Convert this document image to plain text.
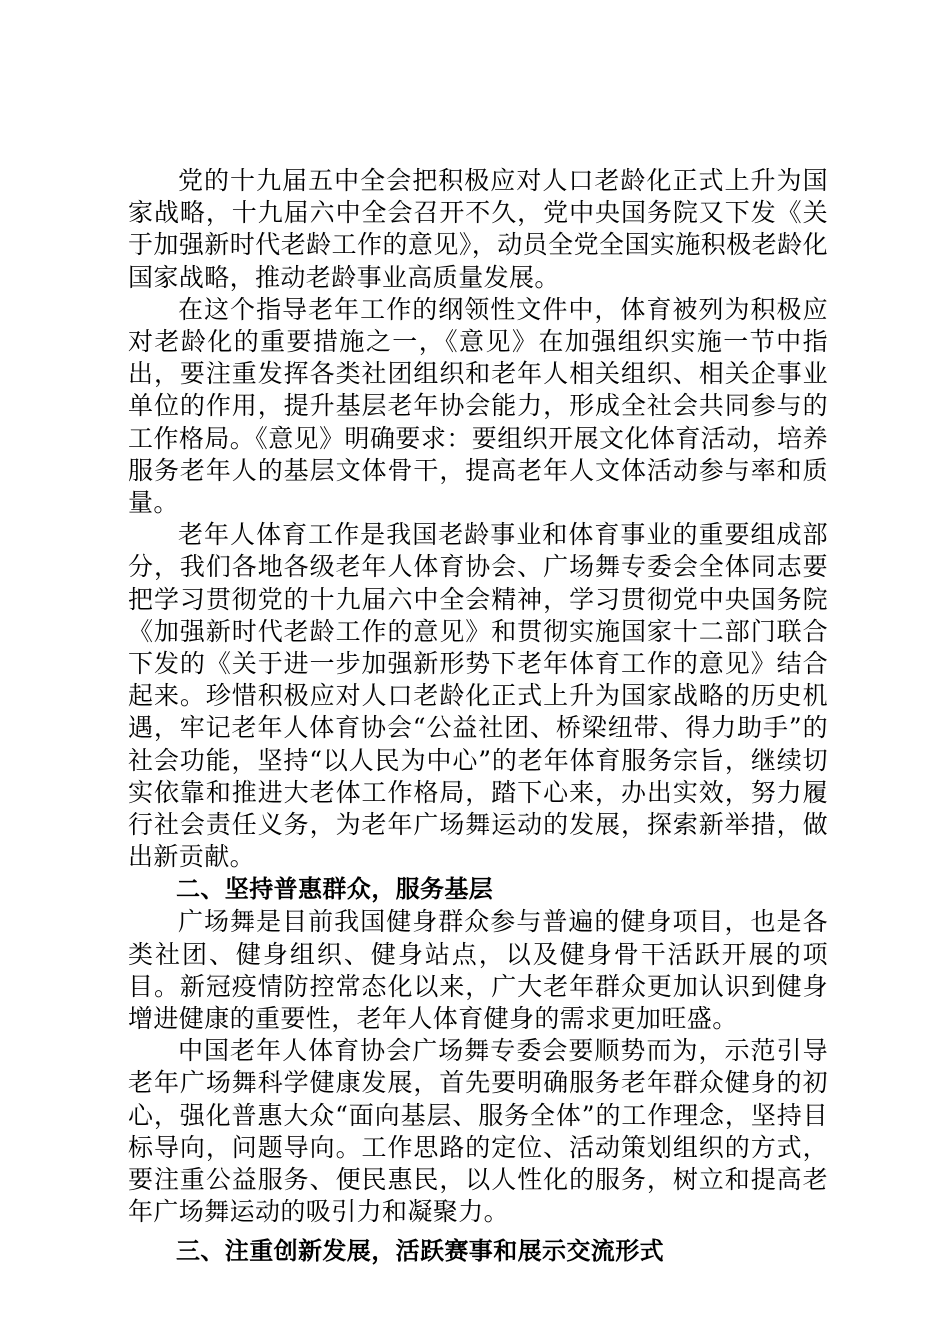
党的十九届五中全会把积极应对人口老龄化正式上升为国家战略，十九届六中全会召开不久，党中央国务院又下发《关于加强新时代老龄工作的意见》，动员全党全国实施积极老龄化国家战略，推动老龄事业高质量发展。

在这个指导老年工作的纲领性文件中，体育被列为积极应对老龄化的重要措施之一，《意见》在加强组织实施一节中指出，要注重发挥各类社团组织和老年人相关组织、相关企事业单位的作用，提升基层老年协会能力，形成全社会共同参与的工作格局。《意见》明确要求：要组织开展文化体育活动，培养服务老年人的基层文体骨干，提高老年人文体活动参与率和质量。

老年人体育工作是我国老龄事业和体育事业的重要组成部分，我们各地各级老年人体育协会、广场舞专委会全体同志要把学习贯彻党的十九届六中全会精神，学习贯彻党中央国务院《加强新时代老龄工作的意见》和贯彻实施国家十二部门联合下发的《关于进一步加强新形势下老年体育工作的意见》结合起来。珍惜积极应对人口老龄化正式上升为国家战略的历史机遇，牢记老年人体育协会“公益社团、桥梁纽带、得力助手”的社会功能，坚持“以人民为中心”的老年体育服务宗旨，继续切实依靠和推进大老体工作格局，踏下心来，办出实效，努力履行社会责任义务，为老年广场舞运动的发展，探索新举措，做出新贡献。

二、坚持普惠群众，服务基层

广场舞是目前我国健身群众参与普遍的健身项目，也是各类社团、健身组织、健身站点，以及健身骨干活跃开展的项目。新冠疫情防控常态化以来，广大老年群众更加认识到健身增进健康的重要性，老年人体育健身的需求更加旺盛。

中国老年人体育协会广场舞专委会要顺势而为，示范引导老年广场舞科学健康发展，首先要明确服务老年群众健身的初心，强化普惠大众“面向基层、服务全体”的工作理念，坚持目标导向，问题导向。工作思路的定位、活动策划组织的方式，要注重公益服务、便民惠民，以人性化的服务，树立和提高老年广场舞运动的吸引力和凝聚力。

三、注重创新发展，活跃赛事和展示交流形式
